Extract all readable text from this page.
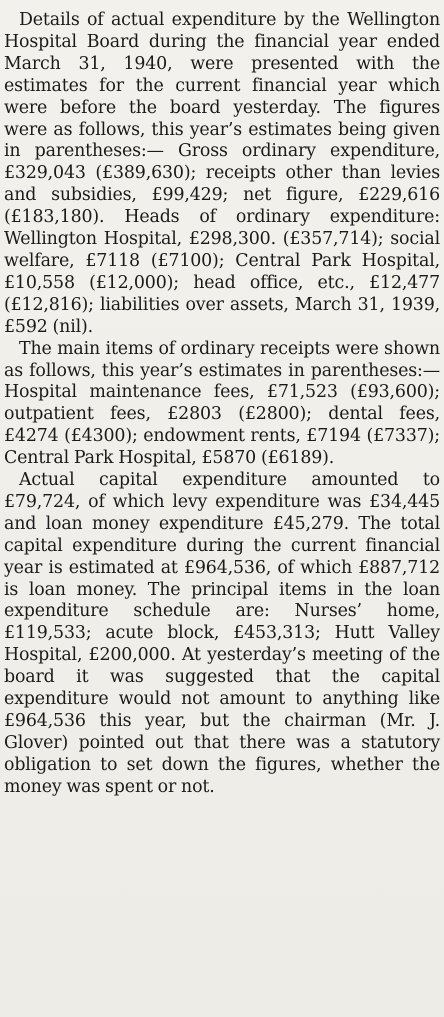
Details of actual expenditure by the Wellington Hospital Board during the financial year ended March 31, 1940, were presented with the estimates for the current financial year which were before the board yesterday. The figures were as follows, this year’s estimates being given in parentheses:— Gross ordinary expenditure, £329,043 (£389,630); receipts other than levies and subsidies, £99,429; net figure, £229,616 (£183,180). Heads of ordinary expenditure: Wellington Hospital, £298,300. (£357,714); social welfare, £7118 (£7100); Central Park Hospital, £10,558 (£12,000); head office, etc., £12,477 (£12,816); liabilities over assets, March 31, 1939, £592 (nil).

The main items of ordinary receipts were shown as follows, this year’s estimates in parentheses:—Hospital maintenance fees, £71,523 (£93,600); outpatient fees, £2803 (£2800); dental fees, £4274 (£4300); endowment rents, £7194 (£7337); Central Park Hospital, £5870 (£6189).

Actual capital expenditure amounted to £79,724, of which levy expenditure was £34,445 and loan money expenditure £45,279. The total capital expenditure during the current financial year is estimated at £964,536, of which £887,712 is loan money. The principal items in the loan expenditure schedule are: Nurses’ home, £119,533; acute block, £453,313; Hutt Valley Hospital, £200,000. At yesterday’s meeting of the board it was suggested that the capital expenditure would not amount to anything like £964,536 this year, but the chairman (Mr. J. Glover) pointed out that there was a statutory obligation to set down the figures, whether the money was spent or not.
